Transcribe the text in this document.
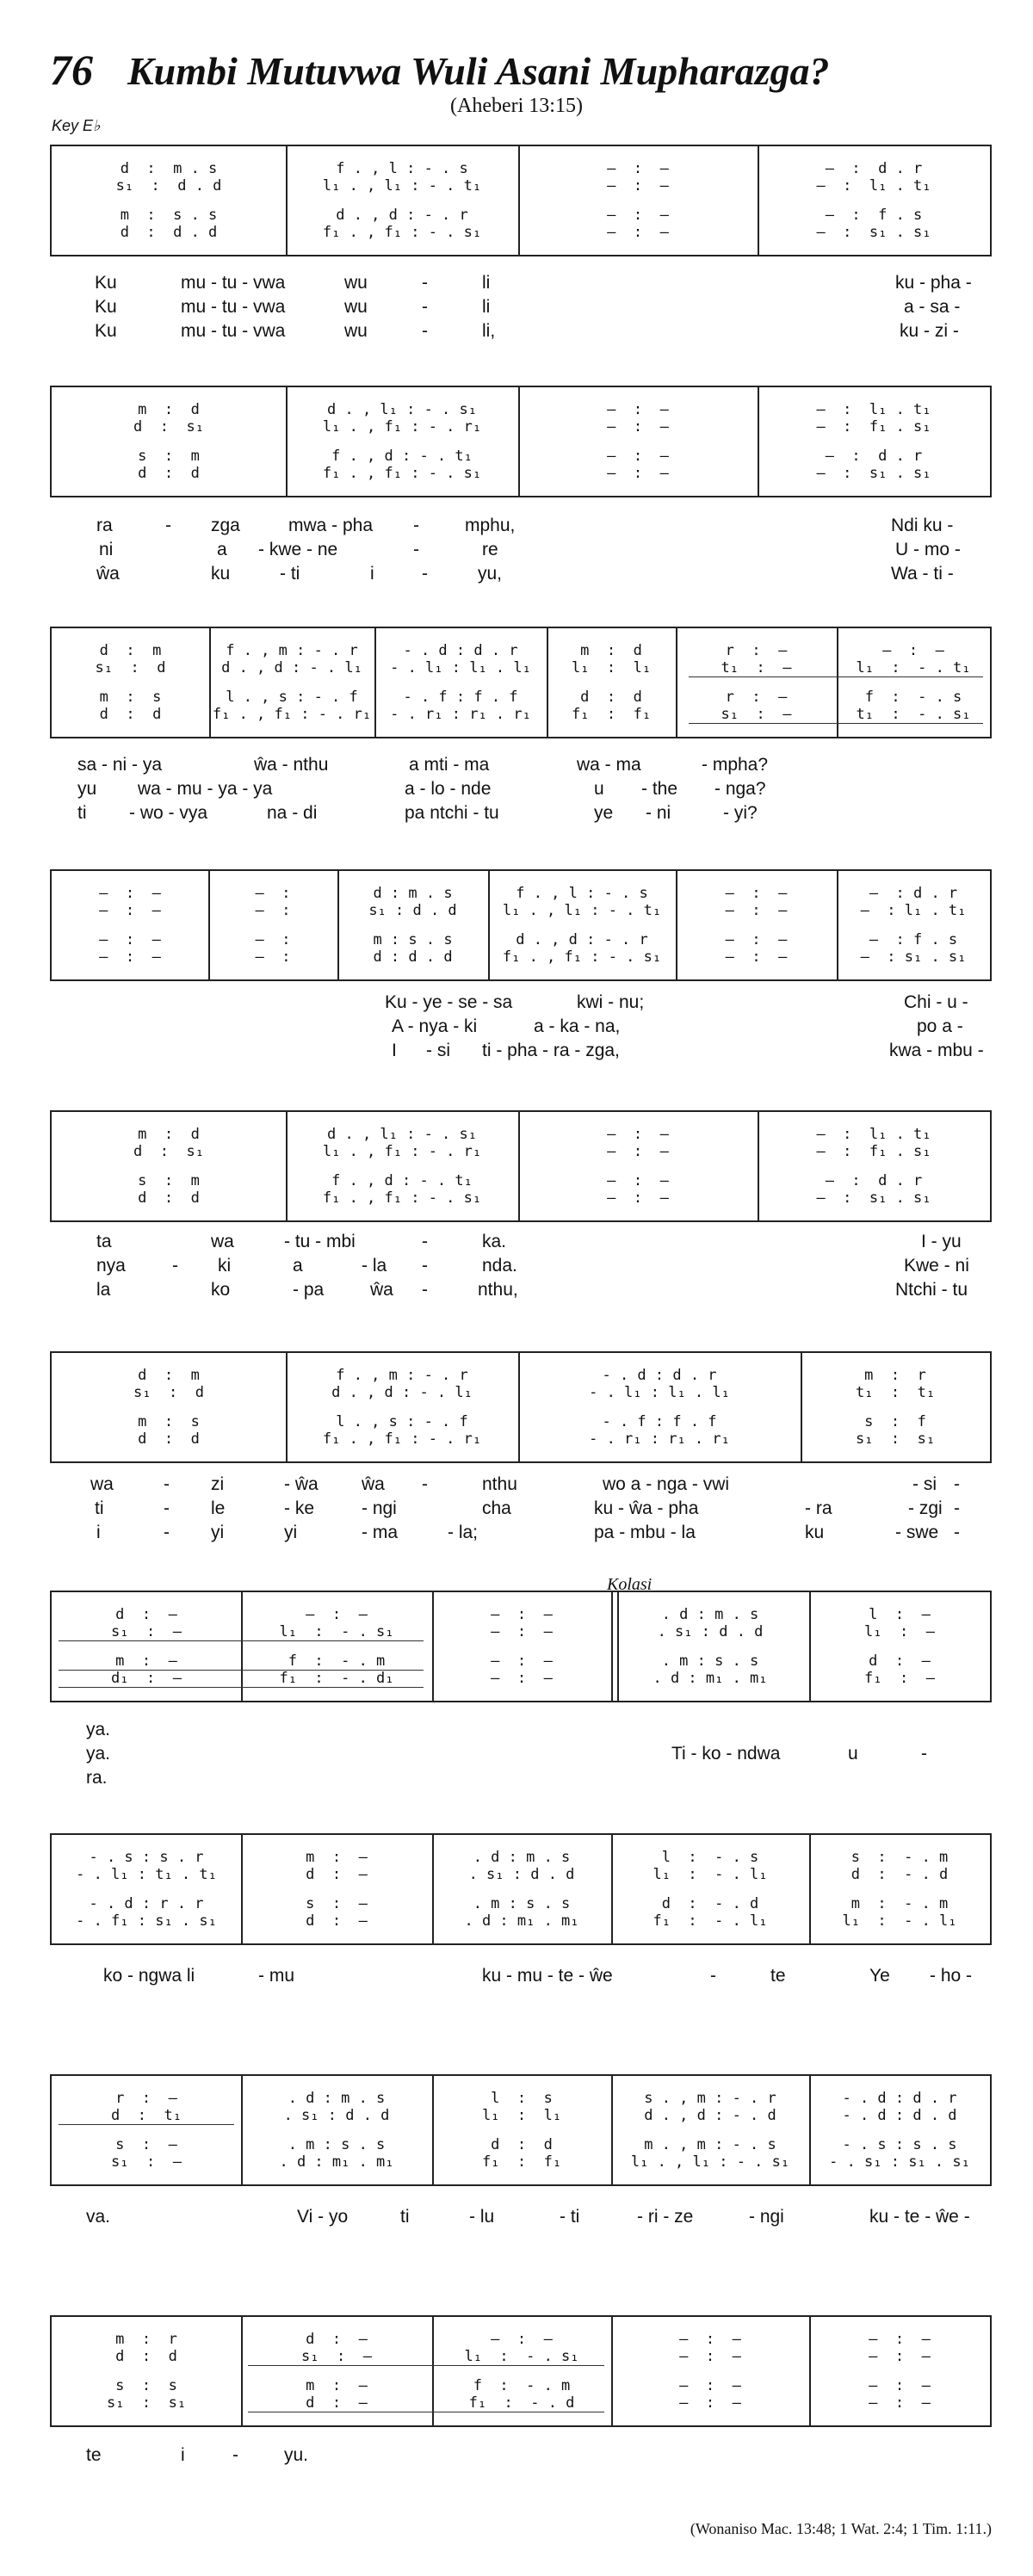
76 Kumbi Mutuvwa Wuli Asani Mupharazga?
(Aheberi 13:15)
Key E♭
d  :  m . s	f . , l : - . s	—  :  —	—  :  d . r
s₁  :  d . d	l₁ . , l₁ : - . t₁	—  :  —	—  :  l₁ . t₁
m  :  s . s	d . , d : - . r	—  :  —	—  :  f . s
d  :  d . d	f₁ . , f₁ : - . s₁	—  :  —	—  :  s₁ . s₁
Ku	mu - tu - vwa	wu	-	li	ku - pha -
Ku	mu - tu - vwa	wu	-	li	a - sa -
Ku	mu - tu - vwa	wu	-	li,	ku - zi -
m  :  d	d . , l₁ : - . s₁	—  :  —	—  :  l₁ . t₁
d  :  s₁	l₁ . , f₁ : - . r₁	—  :  —	—  :  f₁ . s₁
s  :  m	f . , d : - . t₁	—  :  —	—  :  d . r
d  :  d	f₁ . , f₁ : - . s₁	—  :  —	—  :  s₁ . s₁
ra	- zga	mwa - pha -	mphu,	Ndi ku -
ni	a - kwe - ne	-	re	U - mo -
ŵa	ku	- ti	i	-	yu,	Wa - ti -
d  :  m	f . , m : - . r	- . d : d . r	m  :  d	r  :  —	—  :  —
s₁  :  d	d . , d : - . l₁	- . l₁ : l₁ . l₁	l₁  :  l₁	t₁  :  —	l₁  :  - . t₁
m  :  s	l . , s : - . f	- . f : f . f	d  :  d	r  :  —	f  :  - . s
d  :  d	f₁ . , f₁ : - . r₁	- . r₁ : r₁ . r₁	f₁  :  f₁	s₁  :  —	t₁  :  - . s₁
sa - ni - ya	ŵa - nthu	a mti - ma	wa - ma	- mpha?
yu wa - mu - ya - ya	a - lo - nde	u - the - nga?
ti - wo - vya	na - di	pa ntchi - tu	ye - ni	- yi?
—  :  —	—  :	d : m . s	f . , l : - . s	—  :  —	—  : d . r
—  :  —	—  :	s₁ : d . d	l₁ . , l₁ : - . t₁	—  :  —	—  : l₁ . t₁
—  :  —	—  :	m : s . s	d . , d : - . r	—  :  —	—  : f . s
—  :  —	—  :	d : d . d	f₁ . , f₁ : - . s₁	—  :  —	—  : s₁ . s₁
Ku - ye - se - sa	kwi - nu;	Chi - u -
A - nya - ki	a - ka - na,	po a -
I - si ti - pha - ra - zga,	kwa - mbu -
m  :  d	d . , l₁ : - . s₁	—  :  —	—  :  l₁ . t₁
d  :  s₁	l₁ . , f₁ : - . r₁	—  :  —	—  :  f₁ . s₁
s  :  m	f . , d : - . t₁	—  :  —	—  :  d . r
d  :  d	f₁ . , f₁ : - . s₁	—  :  —	—  :  s₁ . s₁
ta	wa	- tu - mbi	-	ka.	I - yu
nya	- ki	a	- la -	nda.	Kwe - ni
la	ko	- pa	ŵa -	nthu,	Ntchi - tu
d  :  m	f . , m : - . r	- . d : d . r	m  :  r
s₁  :  d	d . , d : - . l₁	- . l₁ : l₁ . l₁	t₁  :  t₁
m  :  s	l . , s : - . f	- . f : f . f	s  :  f
d  :  d	f₁ . , f₁ : - . r₁	- . r₁ : r₁ . r₁	s₁  :  s₁
wa	- zi	- ŵa ŵa -	nthu	wo a - nga - vwi	- si -
ti	- le	- ke	- ngi	cha	ku - ŵa - pha	- ra	- zgi -
i	- yi	yi	- ma	- la;	pa - mbu - la	ku	- swe -
d  :  —	—  :  —	—  :  —	. d : m . s	l  :  —
s₁  :  —	l₁  :  - . s₁	—  :  —	. s₁ : d . d	l₁  :  —
m  :  —	f  :  - . m	—  :  —	. m : s . s	d  :  —
d₁  :  —	f₁  :  - . d₁	—  :  —	. d : m₁ . m₁	f₁  :  —
ya.
ya.	Ti - ko - ndwa	u	-
ra.
- . s : s . r	m  :  —	. d : m . s	l  :  - . s	s  :  - . m
- . l₁ : t₁ . t₁	d  :  —	. s₁ : d . d	l₁  :  - . l₁	d  :  - . d
- . d : r . r	s  :  —	. m : s . s	d  :  - . d	m  :  - . m
- . f₁ : s₁ . s₁	d  :  —	. d : m₁ . m₁	f₁  :  - . l₁	l₁  :  - . l₁
ko - ngwa li	- mu	ku - mu - te - ŵe	-	te	Ye - ho -
r  :  —	. d : m . s	l  :  s	s . , m : - . r	- . d : d . r
d  :  t₁	. s₁ : d . d	l₁  :  l₁	d . , d : - . d	- . d : d . d
s  :  —	. m : s . s	d  :  d	m . , m : - . s	- . s : s . s
s₁  :  —	. d : m₁ . m₁	f₁  :  f₁	l₁ . , l₁ : - . s₁	- . s₁ : s₁ . s₁
va.	Vi - yo	ti	- lu	- ti	- ri - ze	- ngi	ku - te - ŵe -
m  :  r	d  :  —	—  :  —	—  :  —	—  :  —
d  :  d	s₁  :  —	l₁  :  - . s₁	—  :  —	—  :  —
s  :  s	m  :  —	f  :  - . m	—  :  —	—  :  —
s₁  :  s₁	d  :  —	f₁  :  - . d	—  :  —	—  :  —
te	i	-	yu.
Kolasi
(Wonaniso Mac. 13:48; 1 Wat. 2:4; 1 Tim. 1:11.)
